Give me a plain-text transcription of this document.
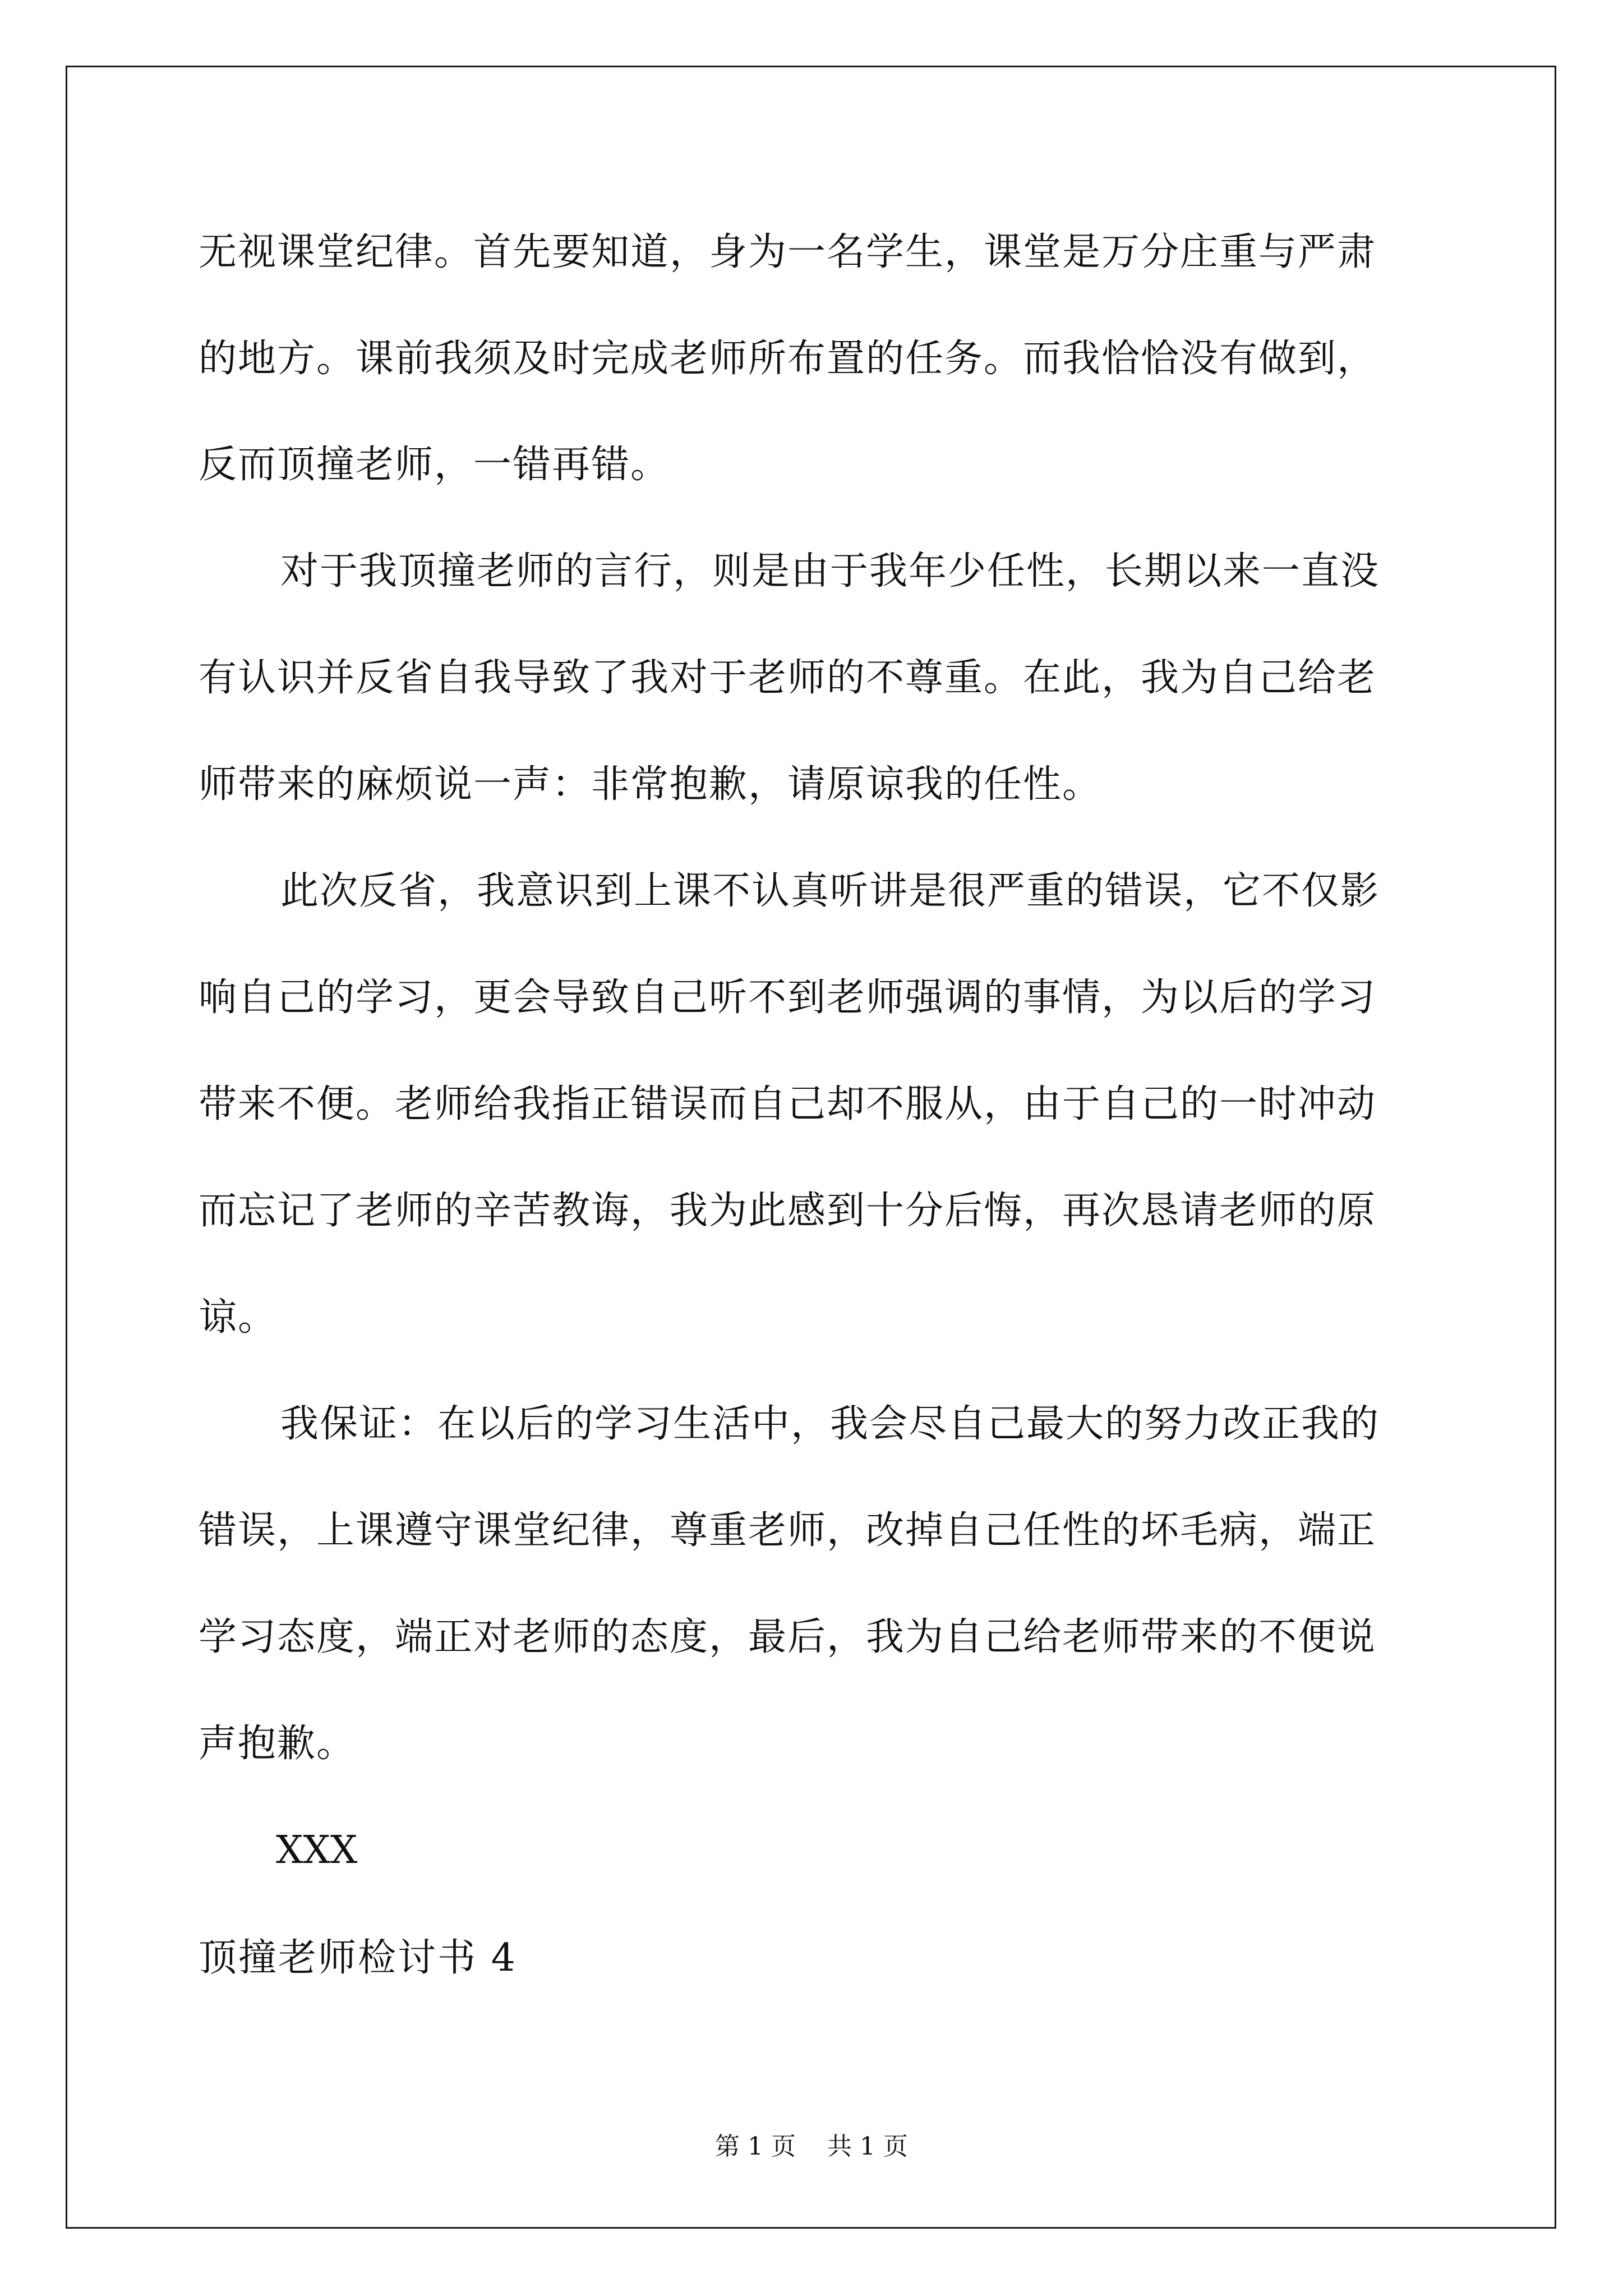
无视课堂纪律。首先要知道，身为一名学生，课堂是万分庄重与严肃
的地方。课前我须及时完成老师所布置的任务。而我恰恰没有做到，
反而顶撞老师，一错再错。
对于我顶撞老师的言行，则是由于我年少任性，长期以来一直没
有认识并反省自我导致了我对于老师的不尊重。在此，我为自己给老
师带来的麻烦说一声：非常抱歉，请原谅我的任性。
此次反省，我意识到上课不认真听讲是很严重的错误，它不仅影
响自己的学习，更会导致自己听不到老师强调的事情，为以后的学习
带来不便。老师给我指正错误而自己却不服从，由于自己的一时冲动
而忘记了老师的辛苦教诲，我为此感到十分后悔，再次恳请老师的原
谅。
我保证：在以后的学习生活中，我会尽自己最大的努力改正我的
错误，上课遵守课堂纪律，尊重老师，改掉自己任性的坏毛病，端正
学习态度，端正对老师的态度，最后，我为自己给老师带来的不便说
声抱歉。
XXX
顶撞老师检讨书 4
第 1 页    共 1 页
